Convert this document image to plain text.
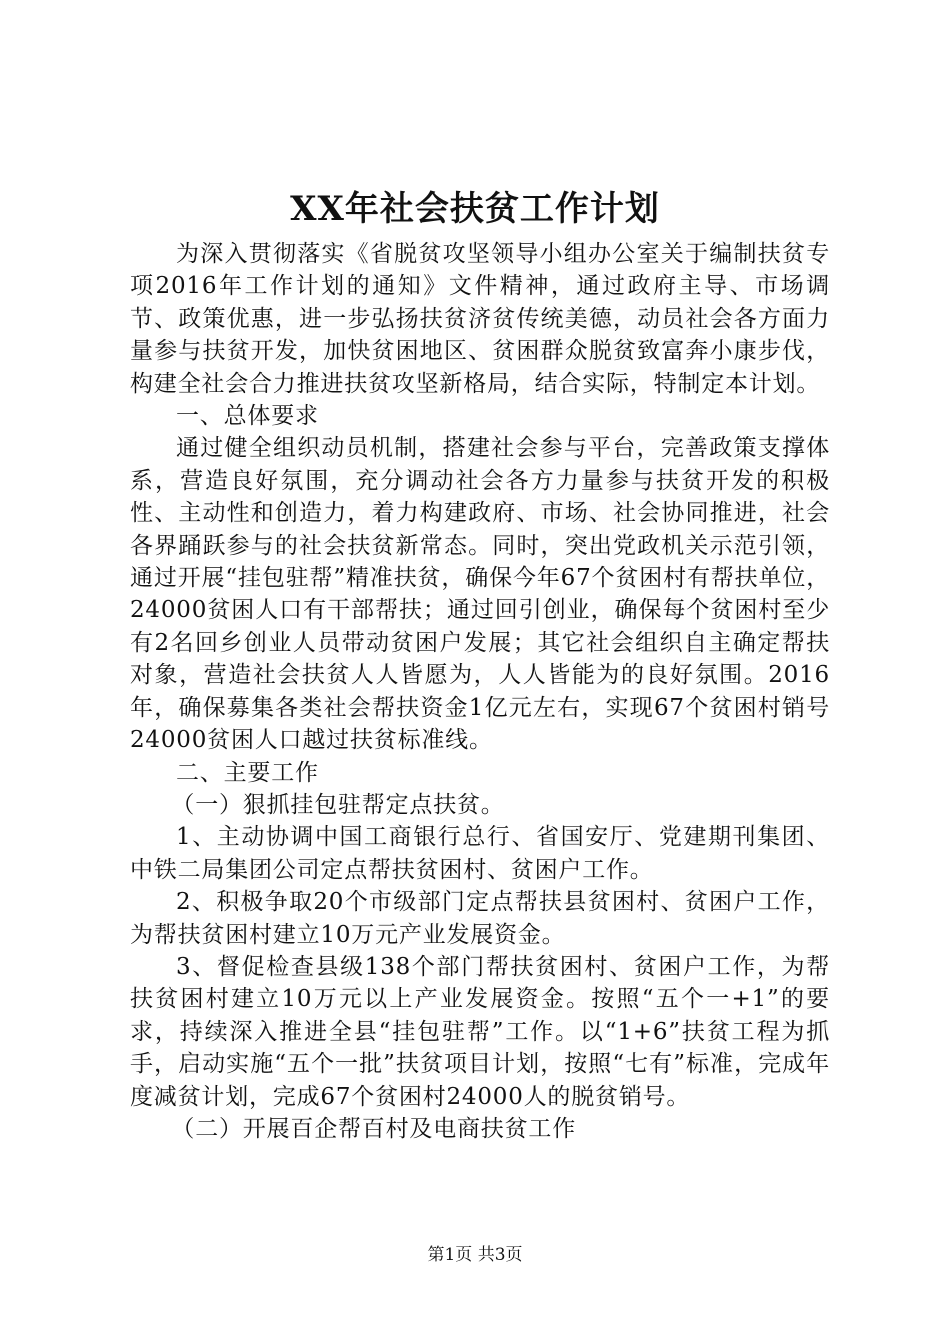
XX年社会扶贫工作计划

为深入贯彻落实《省脱贫攻坚领导小组办公室关于编制扶贫专项2016年工作计划的通知》文件精神，通过政府主导、市场调节、政策优惠，进一步弘扬扶贫济贫传统美德，动员社会各方面力量参与扶贫开发，加快贫困地区、贫困群众脱贫致富奔小康步伐，构建全社会合力推进扶贫攻坚新格局，结合实际，特制定本计划。

一、总体要求

通过健全组织动员机制，搭建社会参与平台，完善政策支撑体系，营造良好氛围，充分调动社会各方力量参与扶贫开发的积极性、主动性和创造力，着力构建政府、市场、社会协同推进，社会各界踊跃参与的社会扶贫新常态。同时，突出党政机关示范引领，通过开展“挂包驻帮”精准扶贫，确保今年67个贫困村有帮扶单位，24000贫困人口有干部帮扶；通过回引创业，确保每个贫困村至少有2名回乡创业人员带动贫困户发展；其它社会组织自主确定帮扶对象，营造社会扶贫人人皆愿为，人人皆能为的良好氛围。2016年，确保募集各类社会帮扶资金1亿元左右，实现67个贫困村销号24000贫困人口越过扶贫标准线。

二、主要工作

（一）狠抓挂包驻帮定点扶贫。

1、主动协调中国工商银行总行、省国安厅、党建期刊集团、中铁二局集团公司定点帮扶贫困村、贫困户工作。

2、积极争取20个市级部门定点帮扶县贫困村、贫困户工作，为帮扶贫困村建立10万元产业发展资金。

3、督促检查县级138个部门帮扶贫困村、贫困户工作，为帮扶贫困村建立10万元以上产业发展资金。按照“五个一+1”的要求，持续深入推进全县“挂包驻帮”工作。以“1+6”扶贫工程为抓手，启动实施“五个一批”扶贫项目计划，按照“七有”标准，完成年度减贫计划，完成67个贫困村24000人的脱贫销号。

（二）开展百企帮百村及电商扶贫工作

第1页 共3页
